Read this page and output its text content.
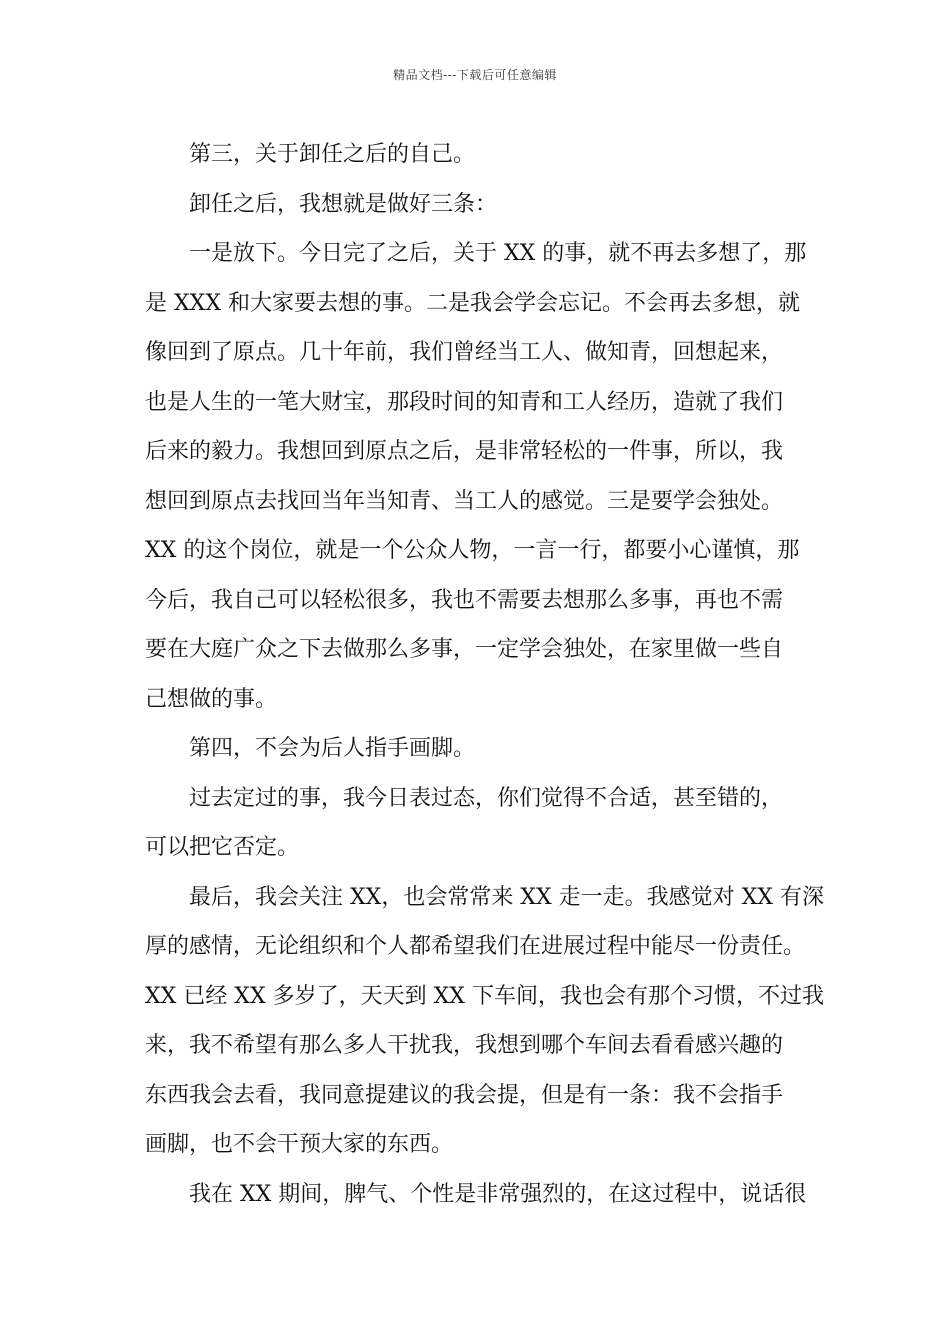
精品文档---下载后可任意编辑
第三，关于卸任之后的自己。
卸任之后，我想就是做好三条：
一是放下。今日完了之后，关于 XX 的事，就不再去多想了，那
是 XXX 和大家要去想的事。二是我会学会忘记。不会再去多想，就
像回到了原点。几十年前，我们曾经当工人、做知青，回想起来，
也是人生的一笔大财宝，那段时间的知青和工人经历，造就了我们
后来的毅力。我想回到原点之后，是非常轻松的一件事，所以，我
想回到原点去找回当年当知青、当工人的感觉。三是要学会独处。
XX 的这个岗位，就是一个公众人物，一言一行，都要小心谨慎，那
今后，我自己可以轻松很多，我也不需要去想那么多事，再也不需
要在大庭广众之下去做那么多事，一定学会独处，在家里做一些自
己想做的事。
第四，不会为后人指手画脚。
过去定过的事，我今日表过态，你们觉得不合适，甚至错的，
可以把它否定。
最后，我会关注 XX，也会常常来 XX 走一走。我感觉对 XX 有深
厚的感情，无论组织和个人都希望我们在进展过程中能尽一份责任。
XX 已经 XX 多岁了，天天到 XX 下车间，我也会有那个习惯，不过我
来，我不希望有那么多人干扰我，我想到哪个车间去看看感兴趣的
东西我会去看，我同意提建议的我会提，但是有一条：我不会指手
画脚，也不会干预大家的东西。
我在 XX 期间，脾气、个性是非常强烈的，在这过程中，说话很
